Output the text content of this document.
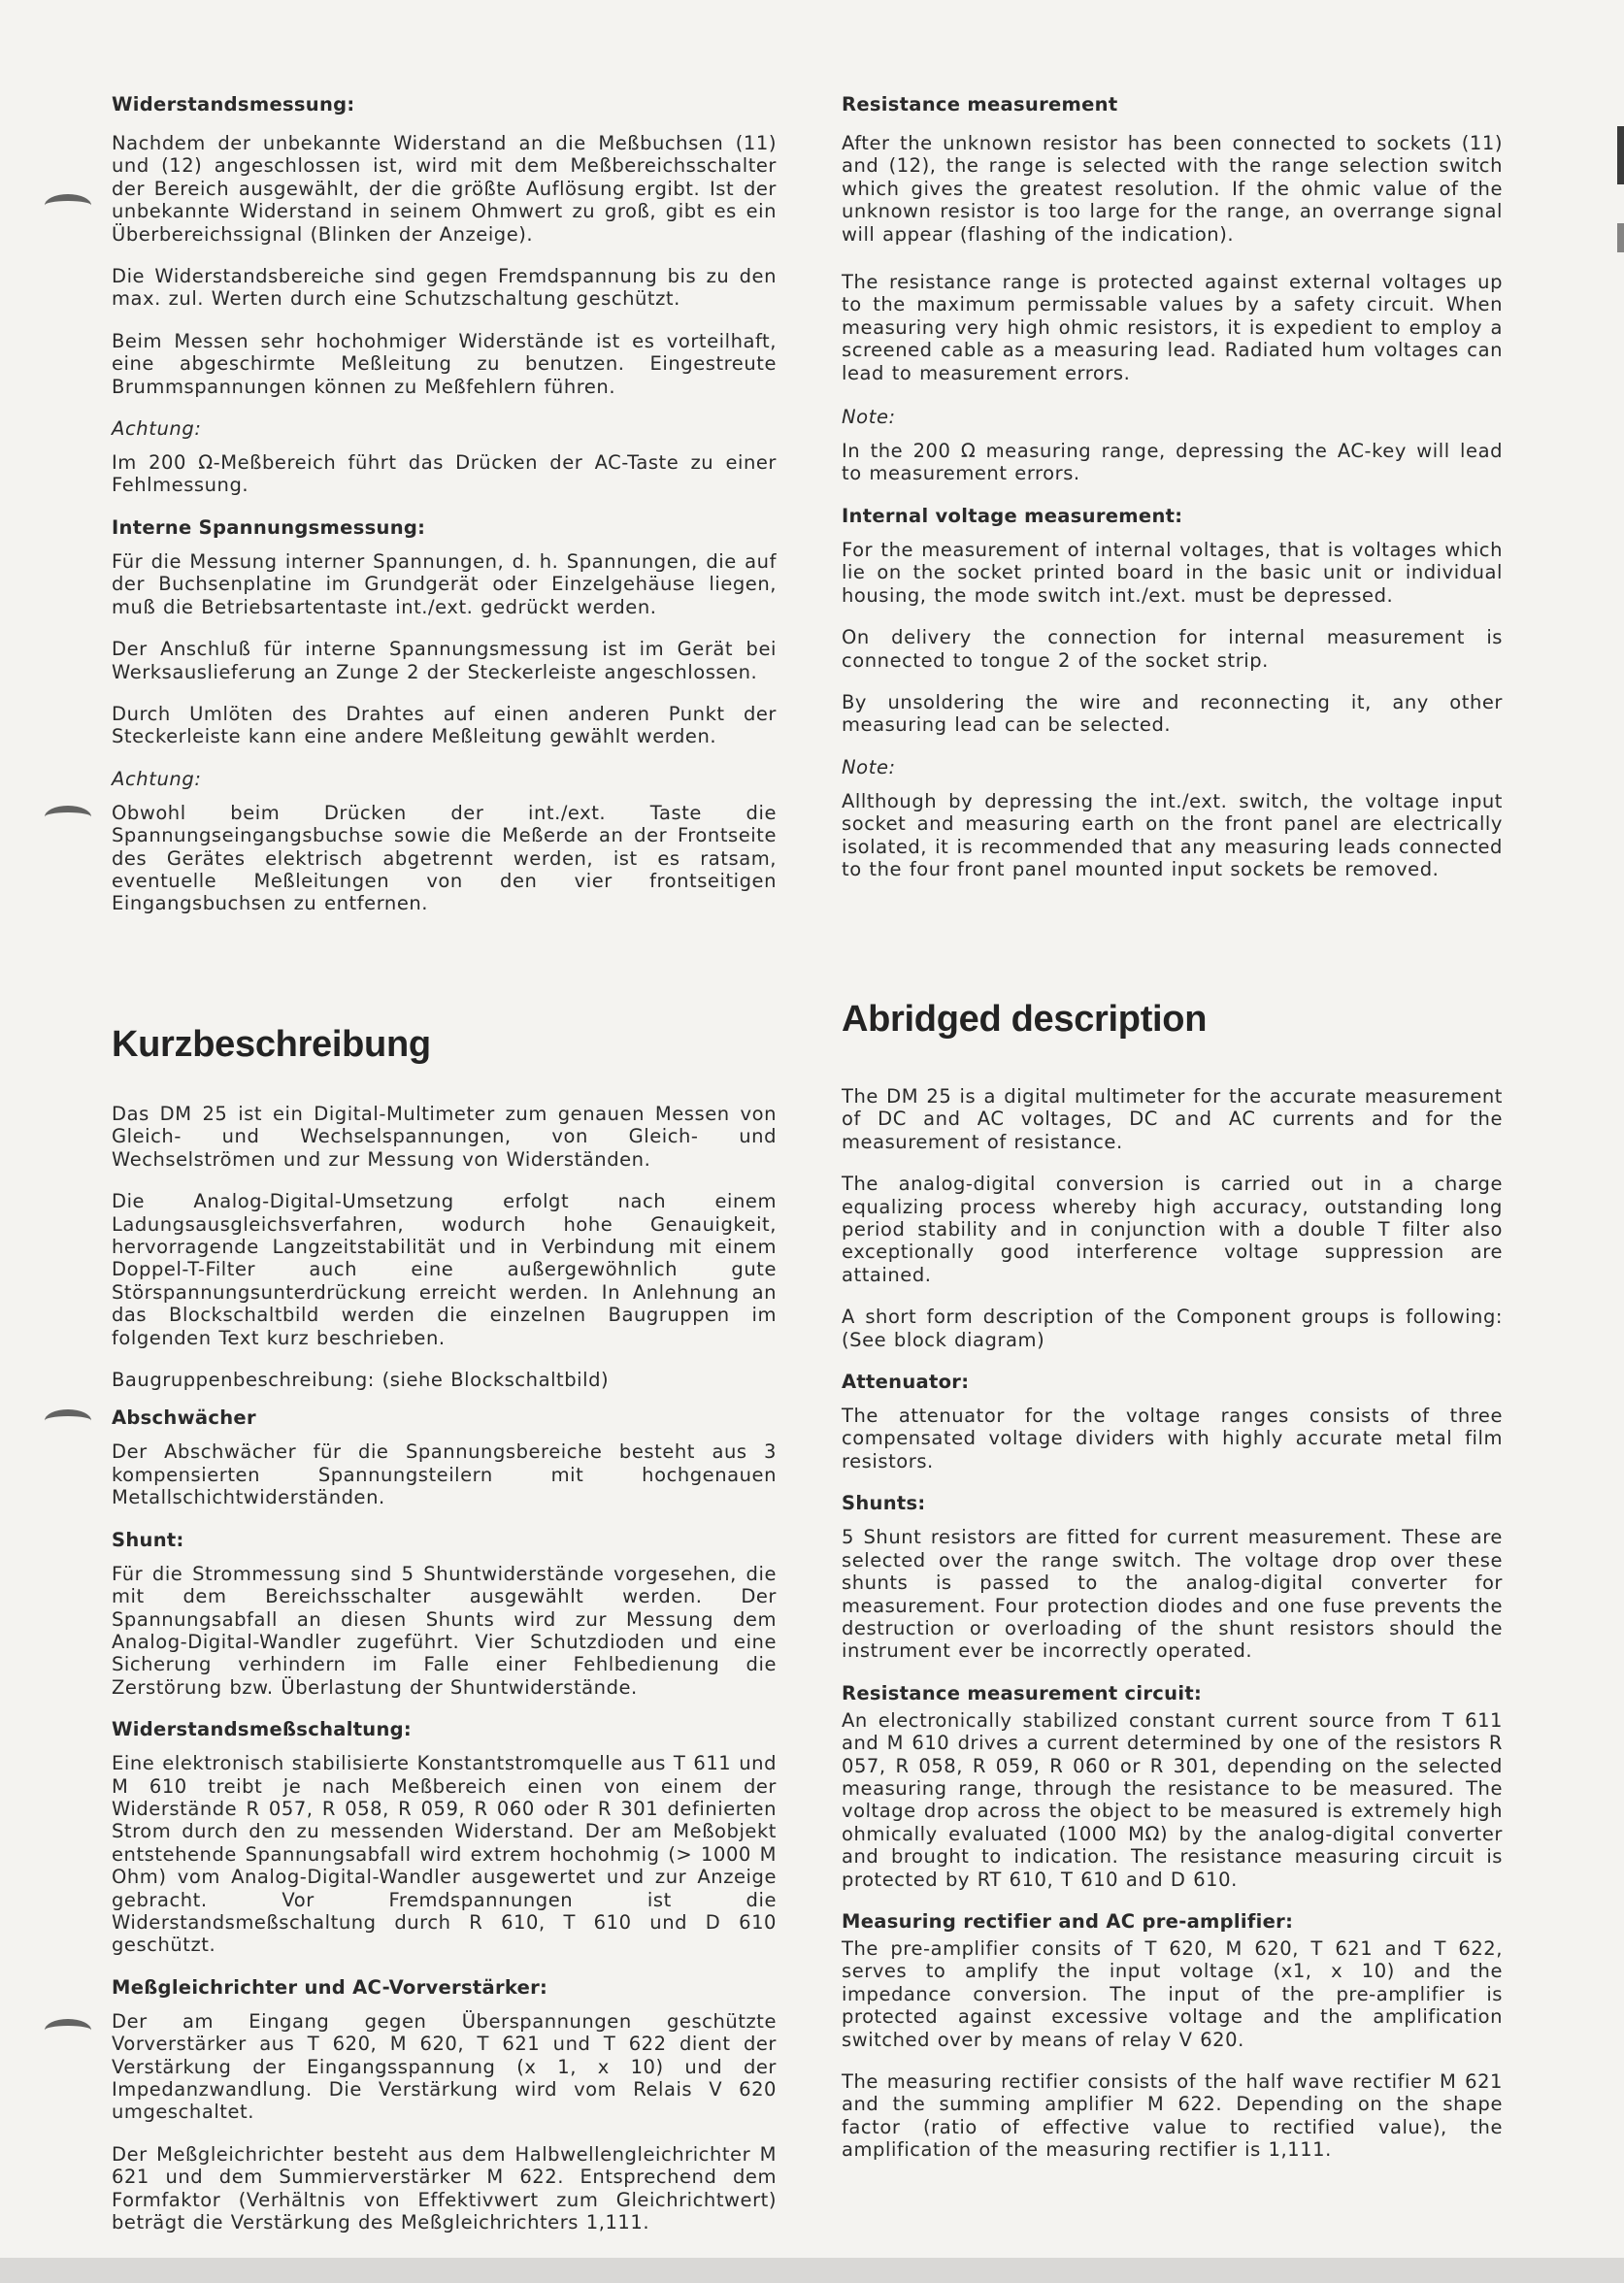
Widerstandsmessung:

Nachdem der unbekannte Widerstand an die Meßbuchsen (11) und (12) angeschlossen ist, wird mit dem Meßbereichsschalter der Bereich ausgewählt, der die größte Auflösung ergibt. Ist der unbekannte Widerstand in seinem Ohmwert zu groß, gibt es ein Überbereichssignal (Blinken der Anzeige).

Die Widerstandsbereiche sind gegen Fremdspannung bis zu den max. zul. Werten durch eine Schutzschaltung geschützt.

Beim Messen sehr hochohmiger Widerstände ist es vorteilhaft, eine abgeschirmte Meßleitung zu benutzen. Eingestreute Brummspannungen können zu Meßfehlern führen.

Achtung:

Im 200 Ω-Meßbereich führt das Drücken der AC-Taste zu einer Fehlmessung.

Interne Spannungsmessung:

Für die Messung interner Spannungen, d. h. Spannungen, die auf der Buchsenplatine im Grundgerät oder Einzelgehäuse liegen, muß die Betriebsartentaste int./ext. gedrückt werden.

Der Anschluß für interne Spannungsmessung ist im Gerät bei Werksauslieferung an Zunge 2 der Steckerleiste angeschlossen.

Durch Umlöten des Drahtes auf einen anderen Punkt der Steckerleiste kann eine andere Meßleitung gewählt werden.

Achtung:

Obwohl beim Drücken der int./ext. Taste die Spannungseingangsbuchse sowie die Meßerde an der Frontseite des Gerätes elektrisch abgetrennt werden, ist es ratsam, eventuelle Meßleitungen von den vier frontseitigen Eingangsbuchsen zu entfernen.

Resistance measurement

After the unknown resistor has been connected to sockets (11) and (12), the range is selected with the range selection switch which gives the greatest resolution. If the ohmic value of the unknown resistor is too large for the range, an overrange signal will appear (flashing of the indication).

The resistance range is protected against external voltages up to the maximum permissable values by a safety circuit. When measuring very high ohmic resistors, it is expedient to employ a screened cable as a measuring lead. Radiated hum voltages can lead to measurement errors.

Note:

In the 200 Ω measuring range, depressing the AC-key will lead to measurement errors.

Internal voltage measurement:

For the measurement of internal voltages, that is voltages which lie on the socket printed board in the basic unit or individual housing, the mode switch int./ext. must be depressed.

On delivery the connection for internal measurement is connected to tongue 2 of the socket strip.

By unsoldering the wire and reconnecting it, any other measuring lead can be selected.

Note:

Allthough by depressing the int./ext. switch, the voltage input socket and measuring earth on the front panel are electrically isolated, it is recommended that any measuring leads connected to the four front panel mounted input sockets be removed.

Kurzbeschreibung

Das DM 25 ist ein Digital-Multimeter zum genauen Messen von Gleich- und Wechselspannungen, von Gleich- und Wechselströmen und zur Messung von Widerständen.

Die Analog-Digital-Umsetzung erfolgt nach einem Ladungsausgleichsverfahren, wodurch hohe Genauigkeit, hervorragende Langzeitstabilität und in Verbindung mit einem Doppel-T-Filter auch eine außergewöhnlich gute Störspannungsunterdrückung erreicht werden. In Anlehnung an das Blockschaltbild werden die einzelnen Baugruppen im folgenden Text kurz beschrieben.

Baugruppenbeschreibung: (siehe Blockschaltbild)

Abschwächer

Der Abschwächer für die Spannungsbereiche besteht aus 3 kompensierten Spannungsteilern mit hochgenauen Metallschichtwiderständen.

Shunt:

Für die Strommessung sind 5 Shuntwiderstände vorgesehen, die mit dem Bereichsschalter ausgewählt werden. Der Spannungsabfall an diesen Shunts wird zur Messung dem Analog-Digital-Wandler zugeführt. Vier Schutzdioden und eine Sicherung verhindern im Falle einer Fehlbedienung die Zerstörung bzw. Überlastung der Shuntwiderstände.

Widerstandsmeßschaltung:

Eine elektronisch stabilisierte Konstantstromquelle aus T 611 und M 610 treibt je nach Meßbereich einen von einem der Widerstände R 057, R 058, R 059, R 060 oder R 301 definierten Strom durch den zu messenden Widerstand. Der am Meßobjekt entstehende Spannungsabfall wird extrem hochohmig (> 1000 M Ohm) vom Analog-Digital-Wandler ausgewertet und zur Anzeige gebracht. Vor Fremdspannungen ist die Widerstandsmeßschaltung durch R 610, T 610 und D 610 geschützt.

Meßgleichrichter und AC-Vorverstärker:

Der am Eingang gegen Überspannungen geschützte Vorverstärker aus T 620, M 620, T 621 und T 622 dient der Verstärkung der Eingangsspannung (x 1, x 10) und der Impedanzwandlung. Die Verstärkung wird vom Relais V 620 umgeschaltet.

Der Meßgleichrichter besteht aus dem Halbwellengleichrichter M 621 und dem Summierverstärker M 622. Entsprechend dem Formfaktor (Verhältnis von Effektivwert zum Gleichrichtwert) beträgt die Verstärkung des Meßgleichrichters 1,111.

Abridged description

The DM 25 is a digital multimeter for the accurate measurement of DC and AC voltages, DC and AC currents and for the measurement of resistance.

The analog-digital conversion is carried out in a charge equalizing process whereby high accuracy, outstanding long period stability and in conjunction with a double T filter also exceptionally good interference voltage suppression are attained.

A short form description of the Component groups is following: (See block diagram)

Attenuator:

The attenuator for the voltage ranges consists of three compensated voltage dividers with highly accurate metal film resistors.

Shunts:

5 Shunt resistors are fitted for current measurement. These are selected over the range switch. The voltage drop over these shunts is passed to the analog-digital converter for measurement. Four protection diodes and one fuse prevents the destruction or overloading of the shunt resistors should the instrument ever be incorrectly operated.

Resistance measurement circuit:

An electronically stabilized constant current source from T 611 and M 610 drives a current determined by one of the resistors R 057, R 058, R 059, R 060 or R 301, depending on the selected measuring range, through the resistance to be measured. The voltage drop across the object to be measured is extremely high ohmically evaluated (1000 MΩ) by the analog-digital converter and brought to indication. The resistance measuring circuit is protected by RT 610, T 610 and D 610.

Measuring rectifier and AC pre-amplifier:

The pre-amplifier consits of T 620, M 620, T 621 and T 622, serves to amplify the input voltage (x1, x 10) and the impedance conversion. The input of the pre-amplifier is protected against excessive voltage and the amplification switched over by means of relay V 620.

The measuring rectifier consists of the half wave rectifier M 621 and the summing amplifier M 622. Depending on the shape factor (ratio of effective value to rectified value), the amplification of the measuring rectifier is 1,111.
